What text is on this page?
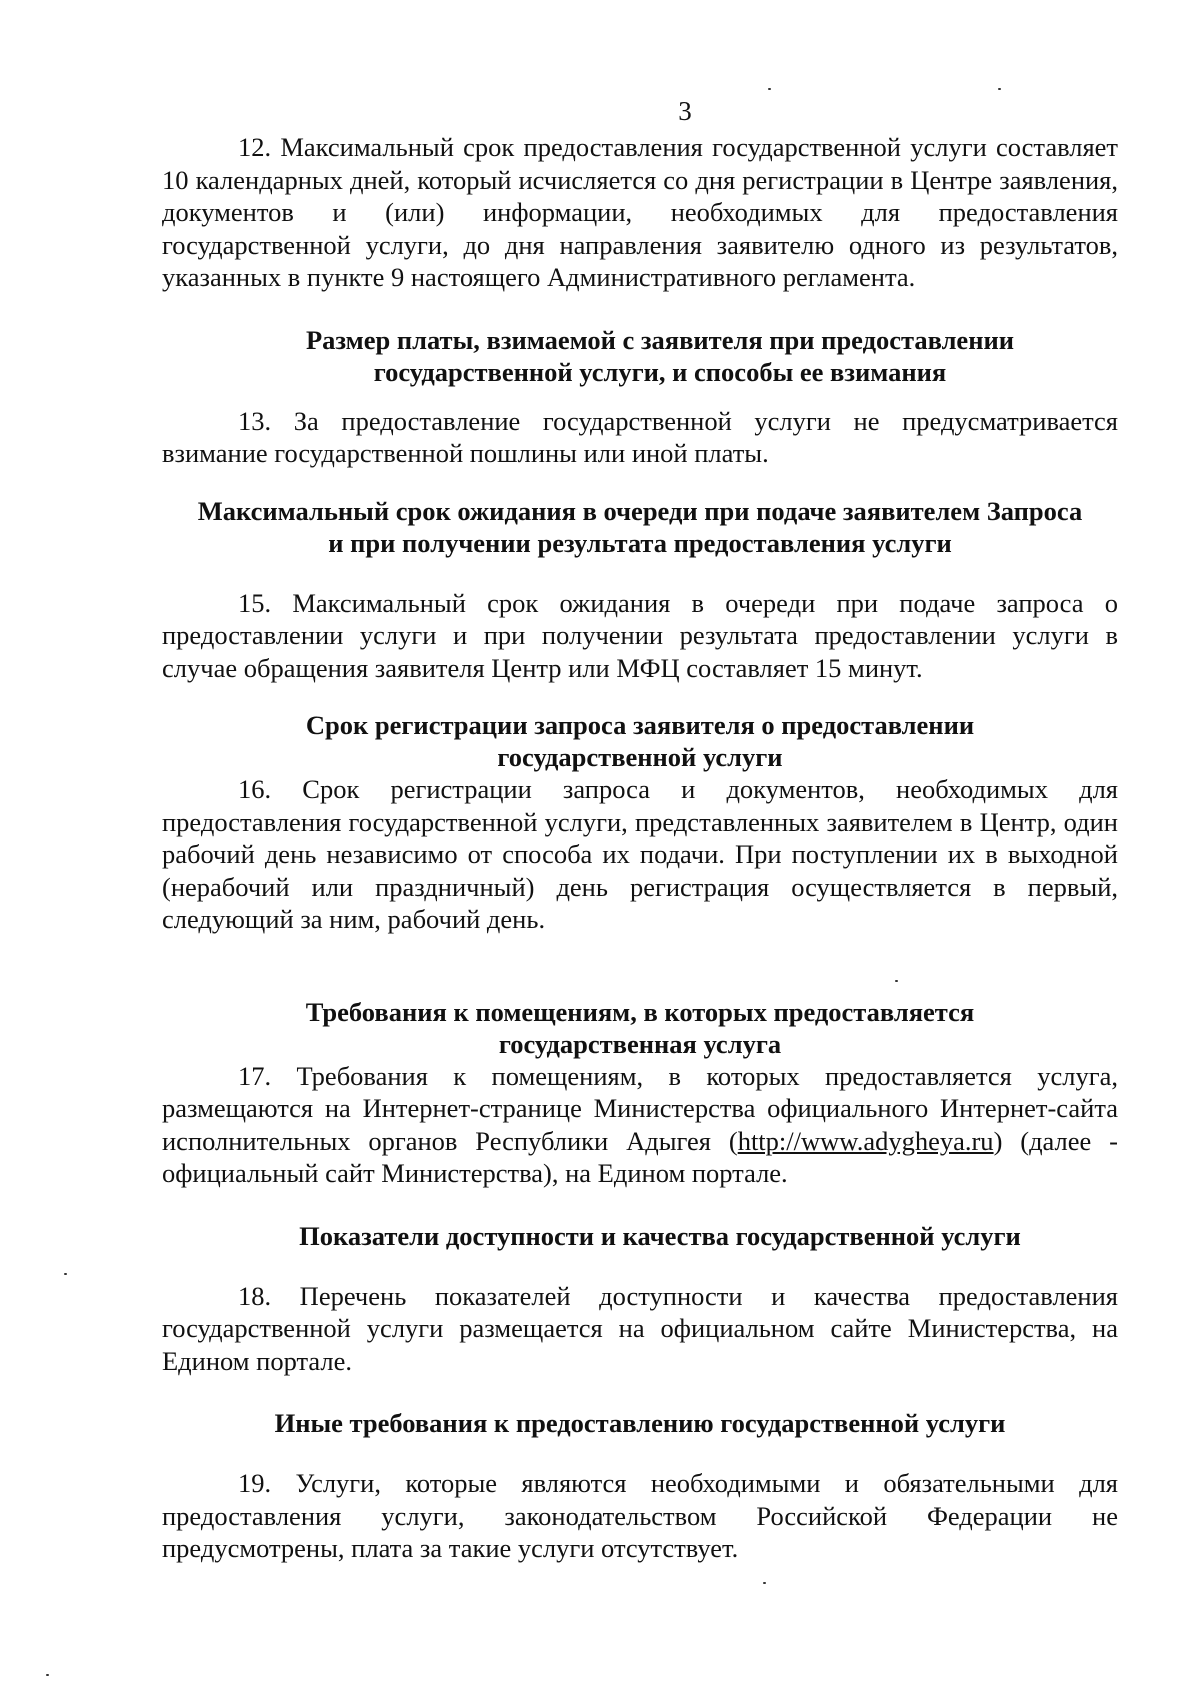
3

12. Максимальный срок предоставления государственной услуги составляет 10 календарных дней, который исчисляется со дня регистрации в Центре заявления, документов и (или) информации, необходимых для предоставления государственной услуги, до дня направления заявителю одного из результатов, указанных в пункте 9 настоящего Административного регламента.

Размер платы, взимаемой с заявителя при предоставлении
государственной услуги, и способы ее взимания

13. За предоставление государственной услуги не предусматривается взимание государственной пошлины или иной платы.

Максимальный срок ожидания в очереди при подаче заявителем Запроса
и при получении результата предоставления услуги

15. Максимальный срок ожидания в очереди при подаче запроса о предоставлении услуги и при получении результата предоставлении услуги в случае обращения заявителя Центр или МФЦ составляет 15 минут.

Срок регистрации запроса заявителя о предоставлении
государственной услуги

16. Срок регистрации запроса и документов, необходимых для предоставления государственной услуги, представленных заявителем в Центр, один рабочий день независимо от способа их подачи. При поступлении их в выходной (нерабочий или праздничный) день регистрация осуществляется в первый, следующий за ним, рабочий день.

Требования к помещениям, в которых предоставляется
государственная услуга

17. Требования к помещениям, в которых предоставляется услуга, размещаются на Интернет-странице Министерства официального Интернет-сайта исполнительных органов Республики Адыгея (http://www.adygheya.ru) (далее - официальный сайт Министерства), на Едином портале.

Показатели доступности и качества государственной услуги

18. Перечень показателей доступности и качества предоставления государственной услуги размещается на официальном сайте Министерства, на Едином портале.

Иные требования к предоставлению государственной услуги

19. Услуги, которые являются необходимыми и обязательными для предоставления услуги, законодательством Российской Федерации не предусмотрены, плата за такие услуги отсутствует.
